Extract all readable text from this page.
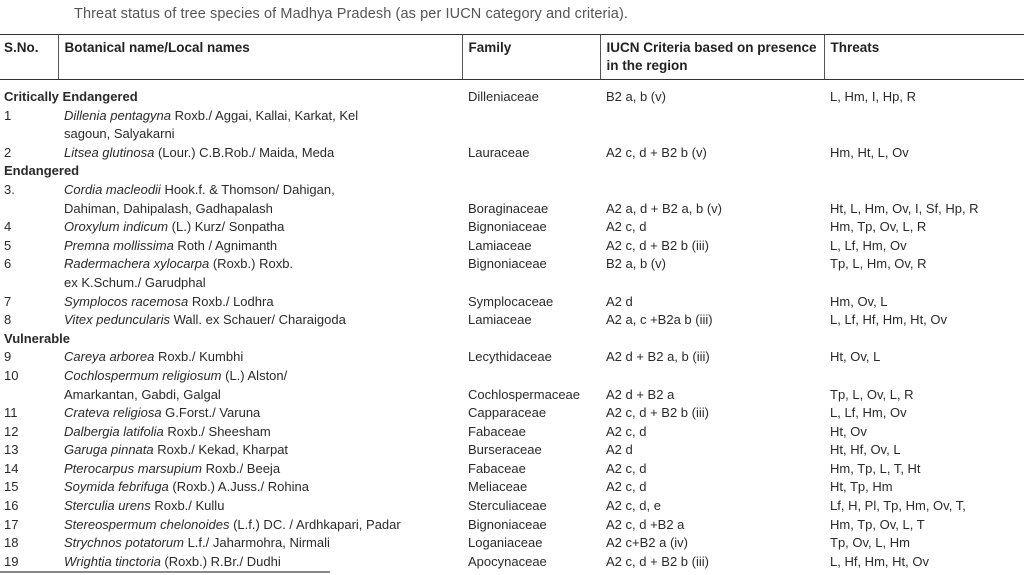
Threat status of tree species of Madhya Pradesh (as per IUCN category and criteria).
S.No.	Botanical name/Local names	Family	IUCN Criteria based on presence in the region	Threats
Critically Endangered		Dilleniaceae	B2 a, b (v)	L, Hm, I, Hp, R
1	Dillenia pentagyna Roxb./ Aggai, Kallai, Karkat, Kel			
	sagoun, Salyakarni			
2	Litsea glutinosa (Lour.) C.B.Rob./ Maida, Meda	Lauraceae	A2 c, d + B2 b (v)	Hm, Ht, L, Ov
Endangered				
3.	Cordia macleodii Hook.f. & Thomson/ Dahigan,			
	Dahiman, Dahipalash, Gadhapalash	Boraginaceae	A2 a, d + B2 a, b (v)	Ht, L, Hm, Ov, I, Sf, Hp, R
4	Oroxylum indicum (L.) Kurz/ Sonpatha	Bignoniaceae	A2 c, d	Hm, Tp, Ov, L, R
5	Premna mollissima Roth / Agnimanth	Lamiaceae	A2 c, d + B2 b (iii)	L, Lf, Hm, Ov
6	Radermachera xylocarpa (Roxb.) Roxb.	Bignoniaceae	B2 a, b (v)	Tp, L, Hm, Ov, R
	ex K.Schum./ Garudphal			
7	Symplocos racemosa Roxb./ Lodhra	Symplocaceae	A2 d	Hm, Ov, L
8	Vitex peduncularis Wall. ex Schauer/ Charaigoda	Lamiaceae	A2 a, c +B2a b (iii)	L, Lf, Hf, Hm, Ht, Ov
Vulnerable				
9	Careya arborea Roxb./ Kumbhi	Lecythidaceae	A2 d + B2 a, b (iii)	Ht, Ov, L
10	Cochlospermum religiosum (L.) Alston/			
	Amarkantan, Gabdi, Galgal	Cochlospermaceae	A2 d + B2 a	Tp, L, Ov, L, R
11	Crateva religiosa G.Forst./ Varuna	Capparaceae	A2 c, d + B2 b (iii)	L, Lf, Hm, Ov
12	Dalbergia latifolia Roxb./ Sheesham	Fabaceae	A2 c, d	Ht, Ov
13	Garuga pinnata Roxb./ Kekad, Kharpat	Burseraceae	A2 d	Ht, Hf, Ov, L
14	Pterocarpus marsupium Roxb./ Beeja	Fabaceae	A2 c, d	Hm, Tp, L, T, Ht
15	Soymida febrifuga (Roxb.) A.Juss./ Rohina	Meliaceae	A2 c, d	Ht, Tp, Hm
16	Sterculia urens Roxb./ Kullu	Sterculiaceae	A2 c, d, e	Lf, H, Pl, Tp, Hm, Ov, T,
17	Stereospermum chelonoides (L.f.) DC. / Ardhkapari, Padar	Bignoniaceae	A2 c, d +B2 a	Hm, Tp, Ov, L, T
18	Strychnos potatorum L.f./ Jaharmohra, Nirmali	Loganiaceae	A2 c+B2 a (iv)	Tp, Ov, L, Hm
19	Wrightia tinctoria (Roxb.) R.Br./ Dudhi	Apocynaceae	A2 c, d + B2 b (iii)	L, Hf, Hm, Ht, Ov
